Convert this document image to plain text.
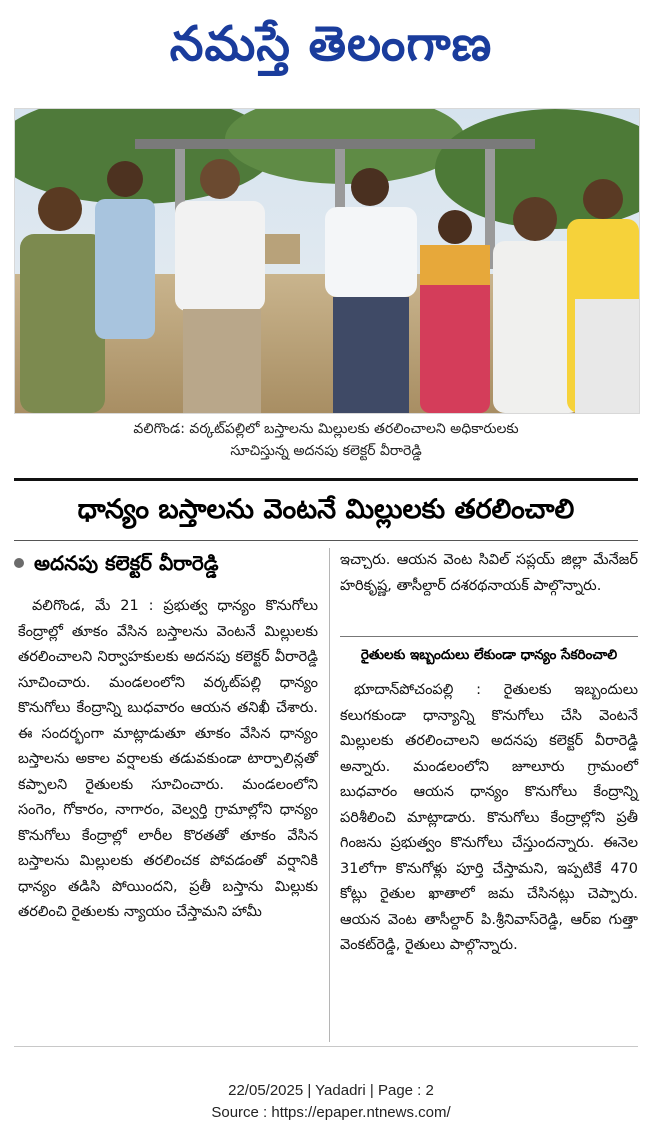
నమస్తే తెలంగాణ
వలిగొండ: వర్కట్‌పల్లిలో బస్తాలను మిల్లులకు తరలించాలని అధికారులకు
సూచిస్తున్న అదనపు కలెక్టర్ వీరారెడ్డి
ధాన్యం బస్తాలను వెంటనే మిల్లులకు తరలించాలి
అదనపు కలెక్టర్ వీరారెడ్డి

వలిగొండ, మే 21 : ప్రభుత్వ ధాన్యం కొనుగోలు కేంద్రాల్లో తూకం వేసిన బస్తాలను వెంటనే మిల్లులకు తరలించాలని నిర్వాహకులకు అదనపు కలెక్టర్ వీరారెడ్డి సూచించారు. మండలంలోని వర్కట్‌పల్లి ధాన్యం కొనుగోలు కేంద్రాన్ని బుధవారం ఆయన తనిఖీ చేశారు. ఈ సందర్భంగా మాట్లాడుతూ తూకం వేసిన ధాన్యం బస్తాలను అకాల వర్షాలకు తడువకుండా టార్పాలిన్లతో కప్పాలని రైతులకు సూచించారు. మండలంలోని సంగెం, గోకారం, నాగారం, వెల్వర్తి గ్రామాల్లోని ధాన్యం కొనుగోలు కేంద్రాల్లో లారీల కొరతతో తూకం వేసిన బస్తాలను మిల్లులకు తరలించక పోవడంతో వర్షానికి ధాన్యం తడిసి పోయిందని, ప్రతీ బస్తాను మిల్లుకు తరలించి రైతులకు న్యాయం చేస్తామని హామీ

ఇచ్చారు. ఆయన వెంట సివిల్ సప్లయ్ జిల్లా మేనేజర్ హరికృష్ణ, తాసీల్దార్ దశరథనాయక్ పాల్గొన్నారు.

రైతులకు ఇబ్బందులు లేకుండా ధాన్యం సేకరించాలి

భూదాన్‌పోచంపల్లి : రైతులకు ఇబ్బందులు కలుగకుండా ధాన్యాన్ని కొనుగోలు చేసి వెంటనే మిల్లులకు తరలించాలని అదనపు కలెక్టర్ వీరారెడ్డి అన్నారు. మండలంలోని జూలూరు గ్రామంలో బుధవారం ఆయన ధాన్యం కొనుగోలు కేంద్రాన్ని పరిశీలించి మాట్లాడారు. కొనుగోలు కేంద్రాల్లోని ప్రతీ గింజను ప్రభుత్వం కొనుగోలు చేస్తుందన్నారు. ఈనెల 31లోగా కొనుగోళ్లు పూర్తి చేస్తామని, ఇప్పటికే 470 కోట్లు రైతుల ఖాతాలో జమ చేసినట్లు చెప్పారు. ఆయన వెంట తాసీల్దార్ పి.శ్రీనివాస్‌రెడ్డి, ఆర్ఐ గుత్తా వెంకట్‌రెడ్డి, రైతులు పాల్గొన్నారు.

22/05/2025 | Yadadri | Page : 2
Source : https://epaper.ntnews.com/
